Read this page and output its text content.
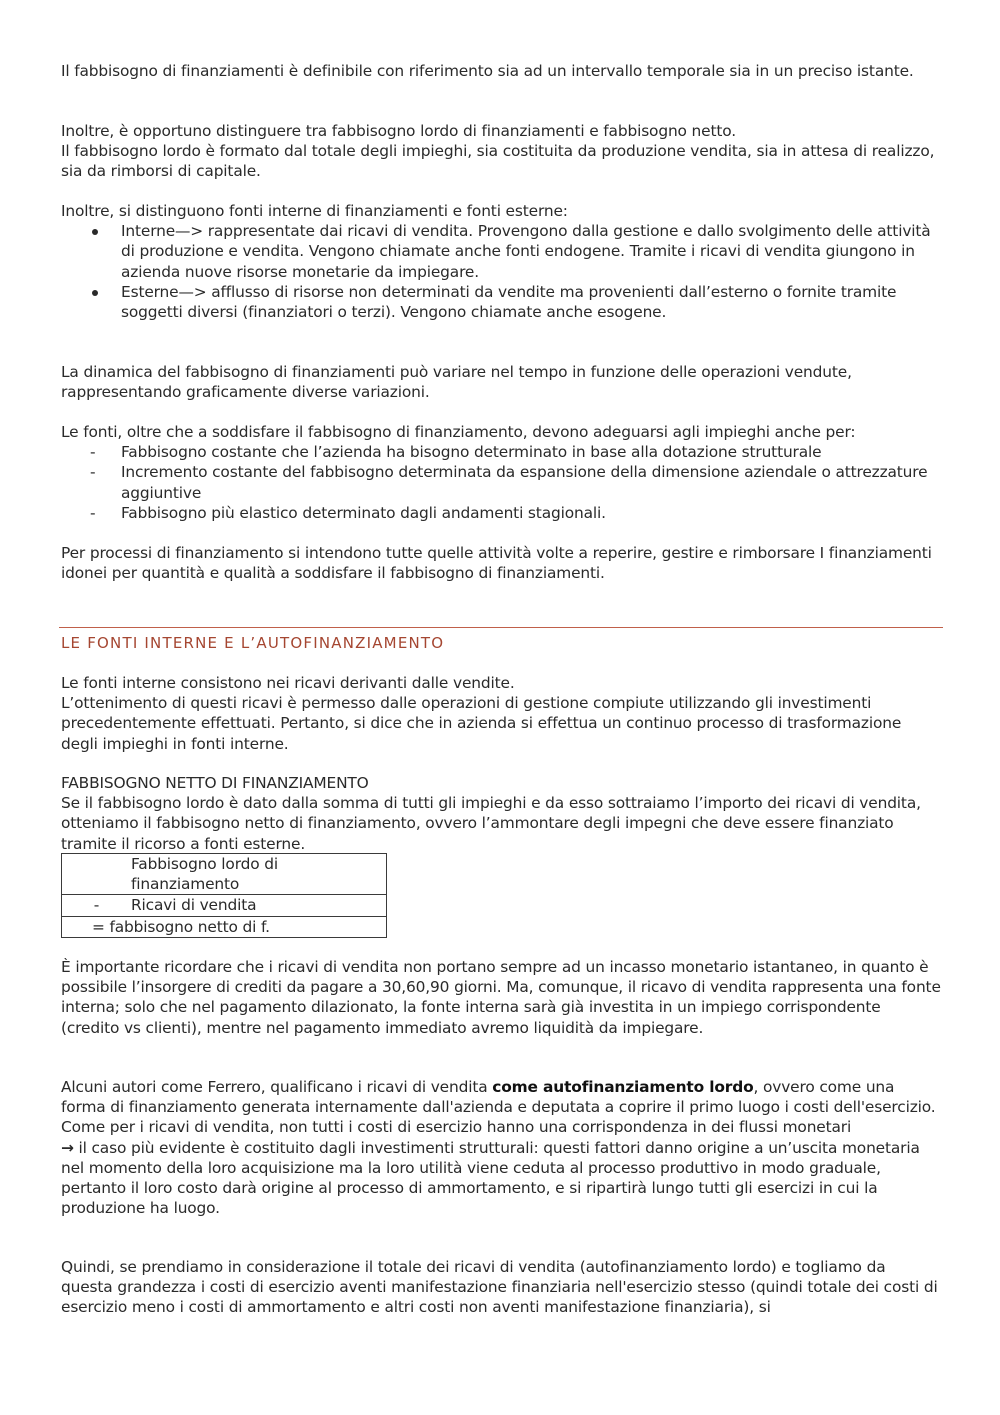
Il fabbisogno di finanziamenti è definibile con riferimento sia ad un intervallo temporale sia in un preciso istante.

Inoltre, è opportuno distinguere tra fabbisogno lordo di finanziamenti e fabbisogno netto.

Il fabbisogno lordo è formato dal totale degli impieghi, sia costituita da produzione vendita, sia in attesa di realizzo, sia da rimborsi di capitale.

Inoltre, si distinguono fonti interne di finanziamenti e fonti esterne:

Interne—> rappresentate dai ricavi di vendita. Provengono dalla gestione e dallo svolgimento delle attività di produzione e vendita. Vengono chiamate anche fonti endogene. Tramite i ricavi di vendita giungono in azienda nuove risorse monetarie da impiegare.
Esterne—> afflusso di risorse non determinati da vendite ma provenienti dall’esterno o fornite tramite soggetti diversi (finanziatori o terzi). Vengono chiamate anche esogene.

La dinamica del fabbisogno di finanziamenti può variare nel tempo in funzione delle operazioni vendute, rappresentando graficamente diverse variazioni.

Le fonti, oltre che a soddisfare il fabbisogno di finanziamento, devono adeguarsi agli impieghi anche per:

- Fabbisogno costante che l’azienda ha bisogno determinato in base alla dotazione strutturale
- Incremento costante del fabbisogno determinata da espansione della dimensione aziendale o attrezzature aggiuntive
- Fabbisogno più elastico determinato dagli andamenti stagionali.

Per processi di finanziamento si intendono tutte quelle attività volte a reperire, gestire e rimborsare I finanziamenti idonei per quantità e qualità a soddisfare il fabbisogno di finanziamenti.

LE FONTI INTERNE E L’AUTOFINANZIAMENTO

Le fonti interne consistono nei ricavi derivanti dalle vendite.

L’ottenimento di questi ricavi è permesso dalle operazioni di gestione compiute utilizzando gli investimenti precedentemente effettuati. Pertanto, si dice che in azienda si effettua un continuo processo di trasformazione degli impieghi in fonti interne.

FABBISOGNO NETTO DI FINANZIAMENTO

Se il fabbisogno lordo è dato dalla somma di tutti gli impieghi e da esso sottraiamo l’importo dei ricavi di vendita, otteniamo il fabbisogno netto di finanziamento, ovvero l’ammontare degli impegni che deve essere finanziato tramite il ricorso a fonti esterne.

Fabbisogno lordo di finanziamento

- Ricavi di vendita
= fabbisogno netto di f.

È importante ricordare che i ricavi di vendita non portano sempre ad un incasso monetario istantaneo, in quanto è possibile l’insorgere di crediti da pagare a 30,60,90 giorni. Ma, comunque, il ricavo di vendita rappresenta una fonte interna; solo che nel pagamento dilazionato, la fonte interna sarà già investita in un impiego corrispondente (credito vs clienti), mentre nel pagamento immediato avremo liquidità da impiegare.

Alcuni autori come Ferrero, qualificano i ricavi di vendita come autofinanziamento lordo, ovvero come una forma di finanziamento generata internamente dall'azienda e deputata a coprire il primo luogo i costi dell'esercizio.

Come per i ricavi di vendita, non tutti i costi di esercizio hanno una corrispondenza in dei flussi monetari

→ il caso più evidente è costituito dagli investimenti strutturali: questi fattori danno origine a un’uscita monetaria nel momento della loro acquisizione ma la loro utilità viene ceduta al processo produttivo in modo graduale, pertanto il loro costo darà origine al processo di ammortamento, e si ripartirà lungo tutti gli esercizi in cui la produzione ha luogo.

Quindi, se prendiamo in considerazione il totale dei ricavi di vendita (autofinanziamento lordo) e togliamo da questa grandezza i costi di esercizio aventi manifestazione finanziaria nell'esercizio stesso (quindi totale dei costi di esercizio meno i costi di ammortamento e altri costi non aventi manifestazione finanziaria), si
